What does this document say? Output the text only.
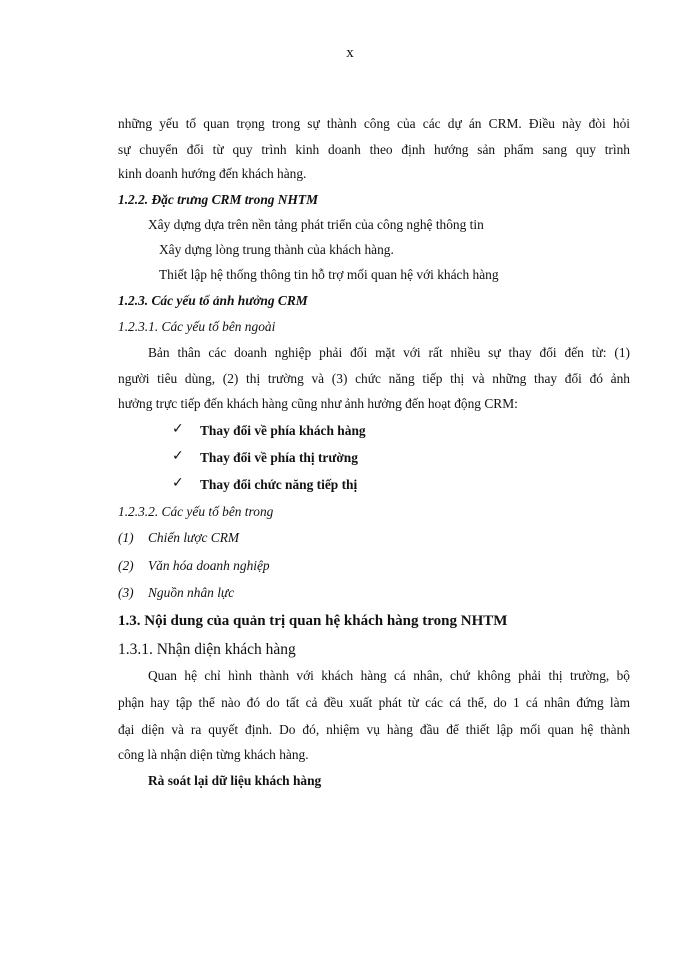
x
những yếu tố quan trọng trong sự thành công của các dự án CRM. Điều này đòi hỏi
sự chuyển đổi từ quy trình kinh doanh theo định hướng sản phẩm sang quy trình
kinh doanh hướng đến khách hàng.
1.2.2. Đặc trưng CRM trong NHTM
Xây dựng dựa trên nền tảng phát triển của công nghệ thông tin
Xây dựng lòng trung thành của khách hàng.
Thiết lập hệ thống thông tin hỗ trợ mối quan hệ với khách hàng
1.2.3. Các yếu tố ảnh hưởng CRM
1.2.3.1. Các yếu tố bên ngoài
Bản thân các doanh nghiệp phải đối mặt với rất nhiều sự thay đổi đến từ: (1)
người tiêu dùng, (2) thị trường và (3) chức năng tiếp thị và những thay đổi đó ảnh
hưởng trực tiếp đến khách hàng cũng như ảnh hưởng đến hoạt động CRM:
✓ Thay đổi về phía khách hàng
✓ Thay đổi về phía thị trường
✓ Thay đổi chức năng tiếp thị
1.2.3.2. Các yếu tố bên trong
(1) Chiến lược CRM
(2) Văn hóa doanh nghiệp
(3) Nguồn nhân lực
1.3. Nội dung của quản trị quan hệ khách hàng trong NHTM
1.3.1. Nhận diện khách hàng
Quan hệ chỉ hình thành với khách hàng cá nhân, chứ không phải thị trường, bộ
phận hay tập thể nào đó do tất cả đều xuất phát từ các cá thể, do 1 cá nhân đứng làm
đại diện và ra quyết định. Do đó, nhiệm vụ hàng đầu để thiết lập mối quan hệ thành
công là nhận diện từng khách hàng.
Rà soát lại dữ liệu khách hàng
